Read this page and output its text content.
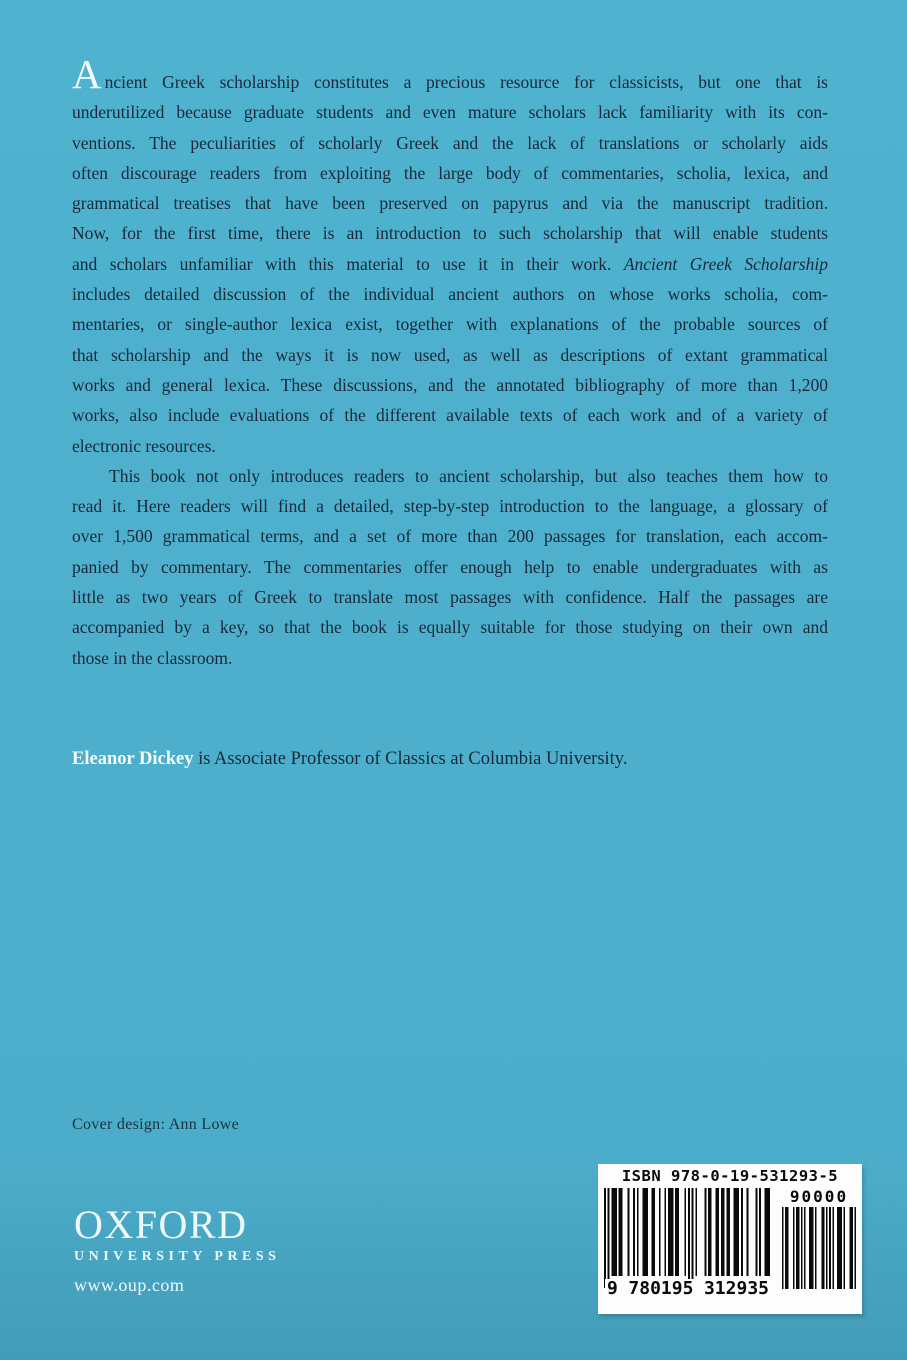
Ancient Greek scholarship constitutes a precious resource for classicists, but one that is
underutilized because graduate students and even mature scholars lack familiarity with its con-
ventions. The peculiarities of scholarly Greek and the lack of translations or scholarly aids
often discourage readers from exploiting the large body of commentaries, scholia, lexica, and
grammatical treatises that have been preserved on papyrus and via the manuscript tradition.
Now, for the first time, there is an introduction to such scholarship that will enable students
and scholars unfamiliar with this material to use it in their work. Ancient Greek Scholarship
includes detailed discussion of the individual ancient authors on whose works scholia, com-
mentaries, or single-author lexica exist, together with explanations of the probable sources of
that scholarship and the ways it is now used, as well as descriptions of extant grammatical
works and general lexica. These discussions, and the annotated bibliography of more than 1,200
works, also include evaluations of the different available texts of each work and of a variety of
electronic resources.
This book not only introduces readers to ancient scholarship, but also teaches them how to
read it. Here readers will find a detailed, step-by-step introduction to the language, a glossary of
over 1,500 grammatical terms, and a set of more than 200 passages for translation, each accom-
panied by commentary. The commentaries offer enough help to enable undergraduates with as
little as two years of Greek to translate most passages with confidence. Half the passages are
accompanied by a key, so that the book is equally suitable for those studying on their own and
those in the classroom.
Eleanor Dickey is Associate Professor of Classics at Columbia University.
Cover design: Ann Lowe
OXFORD
UNIVERSITY PRESS
www.oup.com
ISBN 978-0-19-531293-5
9 780195 312935
90000
